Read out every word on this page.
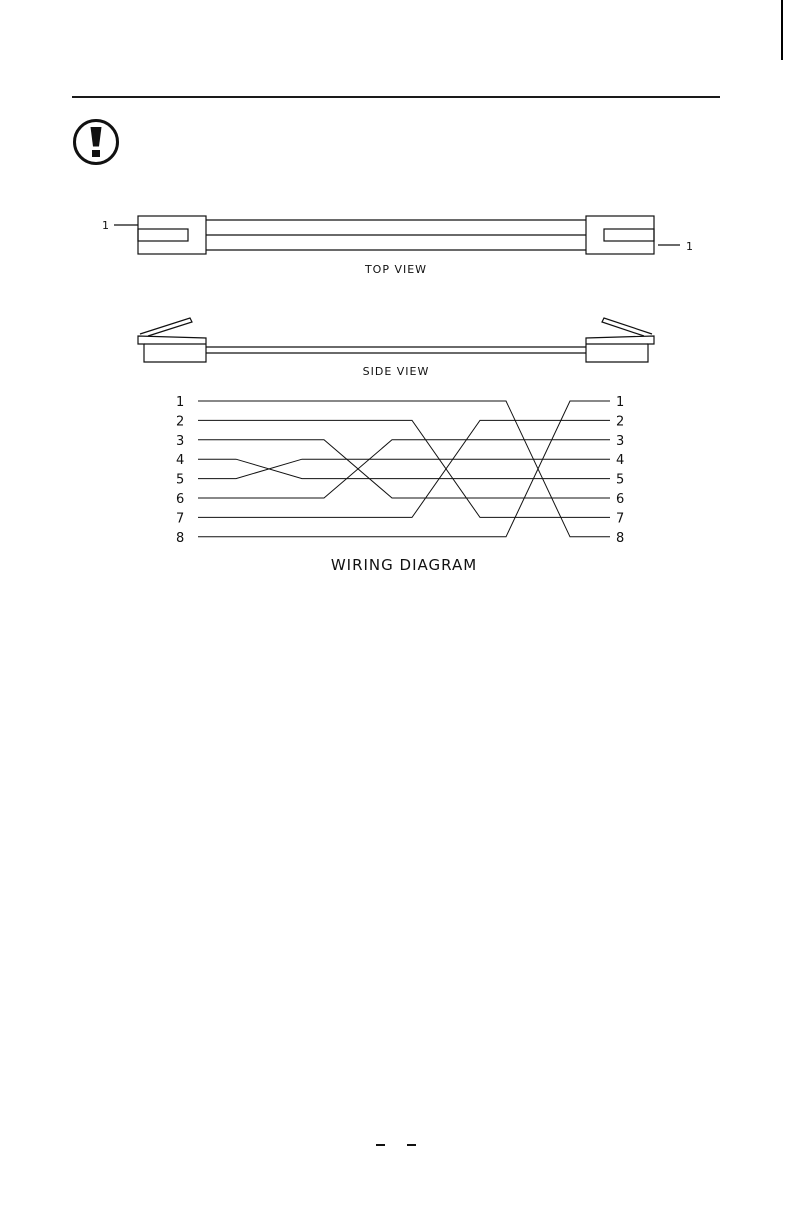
1
1
TOP VIEW
SIDE VIEW
1
2
3
4
5
6
7
8
1
2
3
4
5
6
7
8
WIRING DIAGRAM
